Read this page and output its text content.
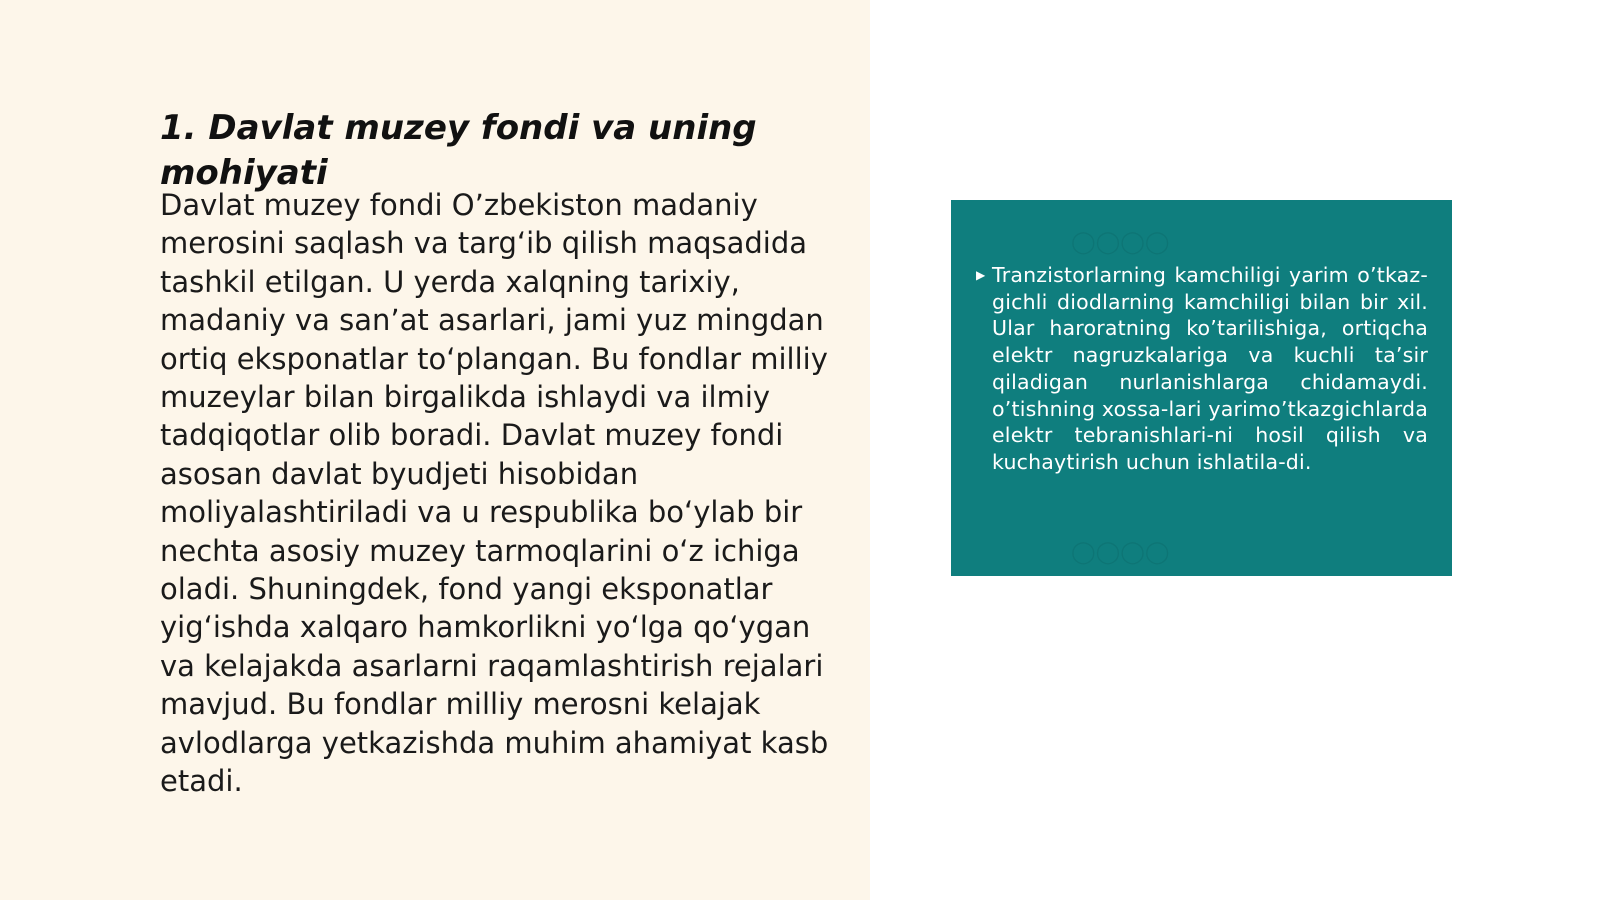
1. Davlat muzey fondi va uning mohiyati

Davlat muzey fondi O’zbekiston madaniy merosini saqlash va targ‘ib qilish maqsadida tashkil etilgan. U yerda xalqning tarixiy, madaniy va san’at asarlari, jami yuz mingdan ortiq eksponatlar to‘plangan. Bu fondlar milliy muzeylar bilan birgalikda ishlaydi va ilmiy tadqiqotlar olib boradi. Davlat muzey fondi asosan davlat byudjeti hisobidan moliyalashtiriladi va u respublika bo‘ylab bir nechta asosiy muzey tarmoqlarini o‘z ichiga oladi. Shuningdek, fond yangi eksponatlar yig‘ishda xalqaro hamkorlikni yo‘lga qo‘ygan va kelajakda asarlarni raqamlashtirish rejalari mavjud. Bu fondlar milliy merosni kelajak avlodlarga yetkazishda muhim ahamiyat kasb etadi.

◯◯◯◯
◯◯◯◯
▶ Tranzistorlarning kamchiligi yarim o’tkaz-gichli diodlarning kamchiligi bilan bir xil. Ular haroratning ko’tarilishiga, ortiqcha elektr nagruzkalariga va kuchli ta’sir qiladigan nurlanishlarga chidamaydi. o’tishning xossa-lari yarimo’tkazgichlarda elektr tebranishlari-ni hosil qilish va kuchaytirish uchun ishlatila-di.
